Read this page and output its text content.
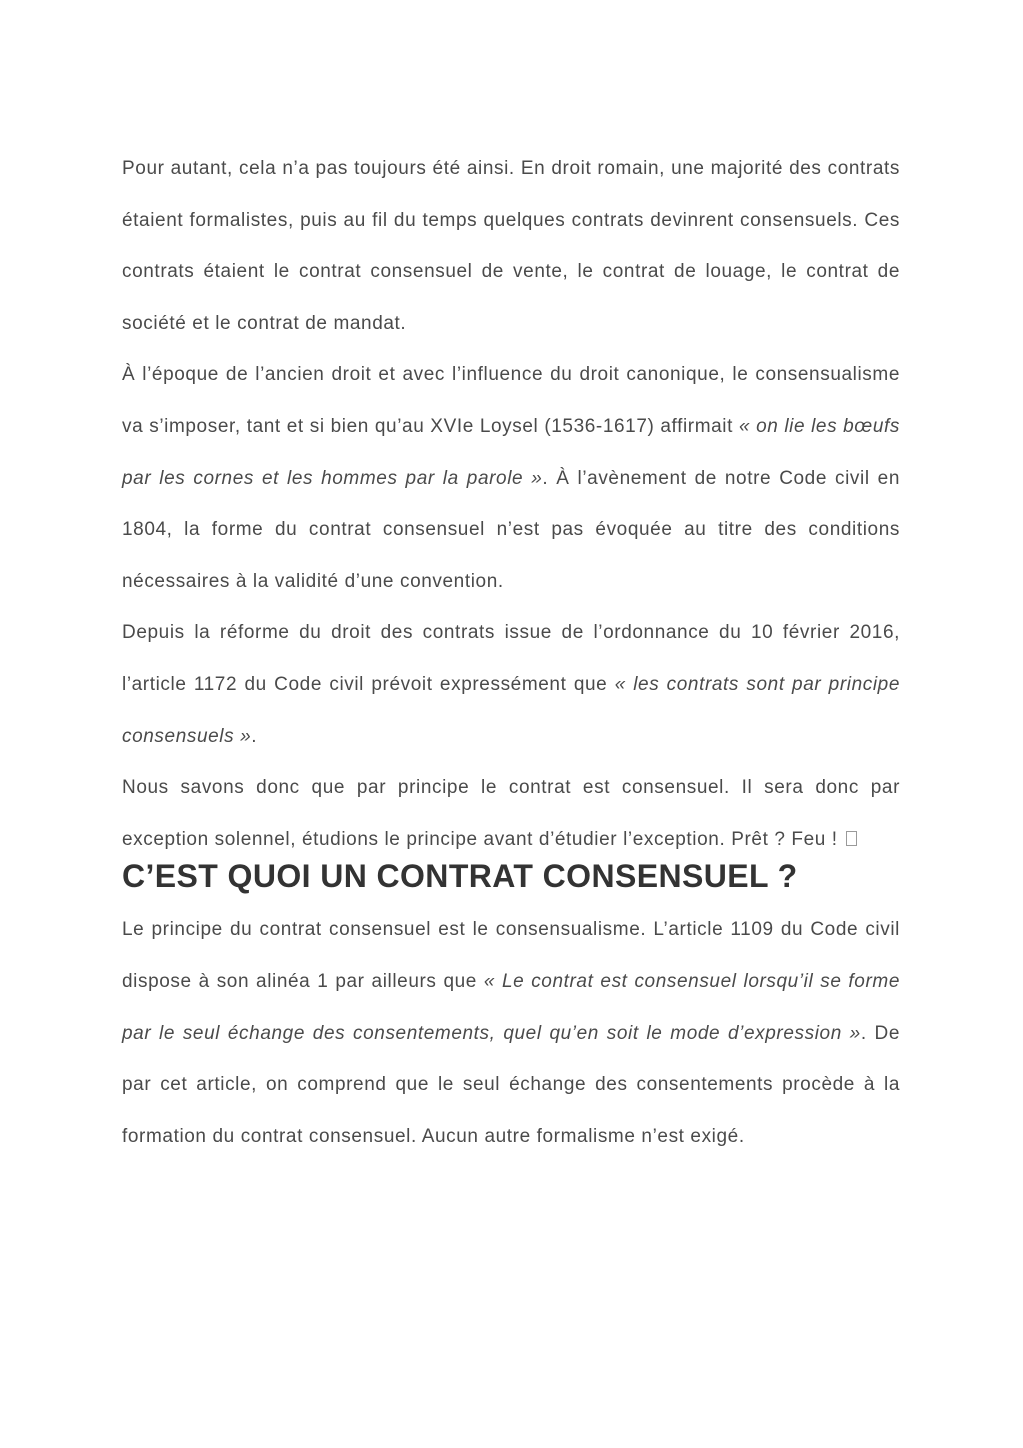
Pour autant, cela n’a pas toujours été ainsi. En droit romain, une majorité des contrats étaient formalistes, puis au fil du temps quelques contrats devinrent consensuels. Ces contrats étaient le contrat consensuel de vente, le contrat de louage, le contrat de société et le contrat de mandat.

À l’époque de l’ancien droit et avec l’influence du droit canonique, le consensualisme va s’imposer, tant et si bien qu’au XVIe Loysel (1536-1617) affirmait « on lie les bœufs par les cornes et les hommes par la parole ». À l’avènement de notre Code civil en 1804, la forme du contrat consensuel n’est pas évoquée au titre des conditions nécessaires à la validité d’une convention.

Depuis la réforme du droit des contrats issue de l’ordonnance du 10 février 2016, l’article 1172 du Code civil prévoit expressément que « les contrats sont par principe consensuels ».

Nous savons donc que par principe le contrat est consensuel. Il sera donc par exception solennel, étudions le principe avant d’étudier l’exception. Prêt ? Feu !

C’EST QUOI UN CONTRAT CONSENSUEL ?

Le principe du contrat consensuel est le consensualisme. L’article 1109 du Code civil dispose à son alinéa 1 par ailleurs que « Le contrat est consensuel lorsqu’il se forme par le seul échange des consentements, quel qu’en soit le mode d’expression ». De par cet article, on comprend que le seul échange des consentements procède à la formation du contrat consensuel. Aucun autre formalisme n’est exigé.
